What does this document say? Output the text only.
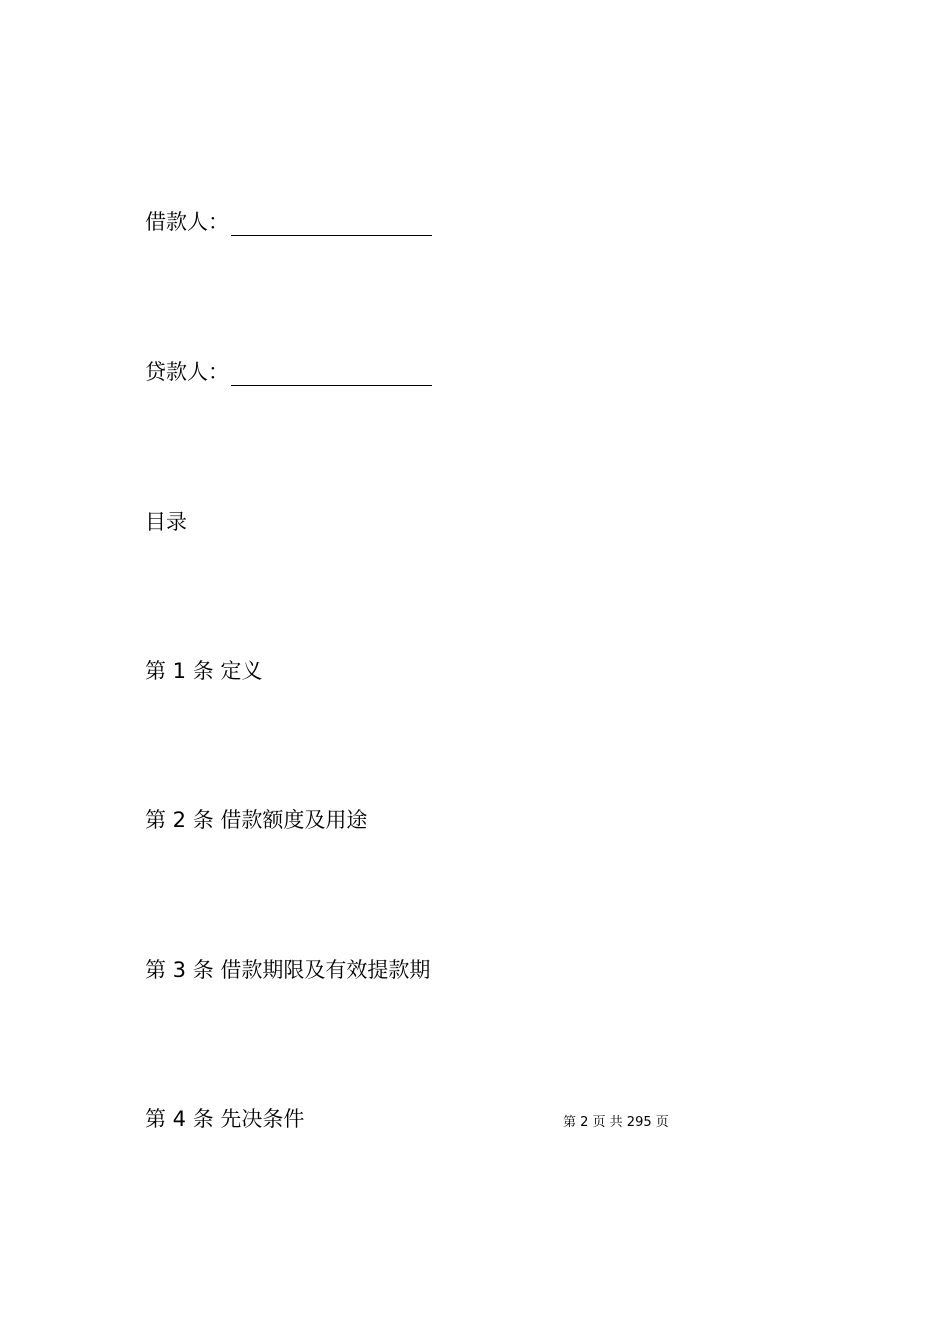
借款人：
贷款人：
目录
第 1 条 定义
第 2 条 借款额度及用途
第 3 条 借款期限及有效提款期
第 4 条 先决条件	第 2 页 共 295 页
